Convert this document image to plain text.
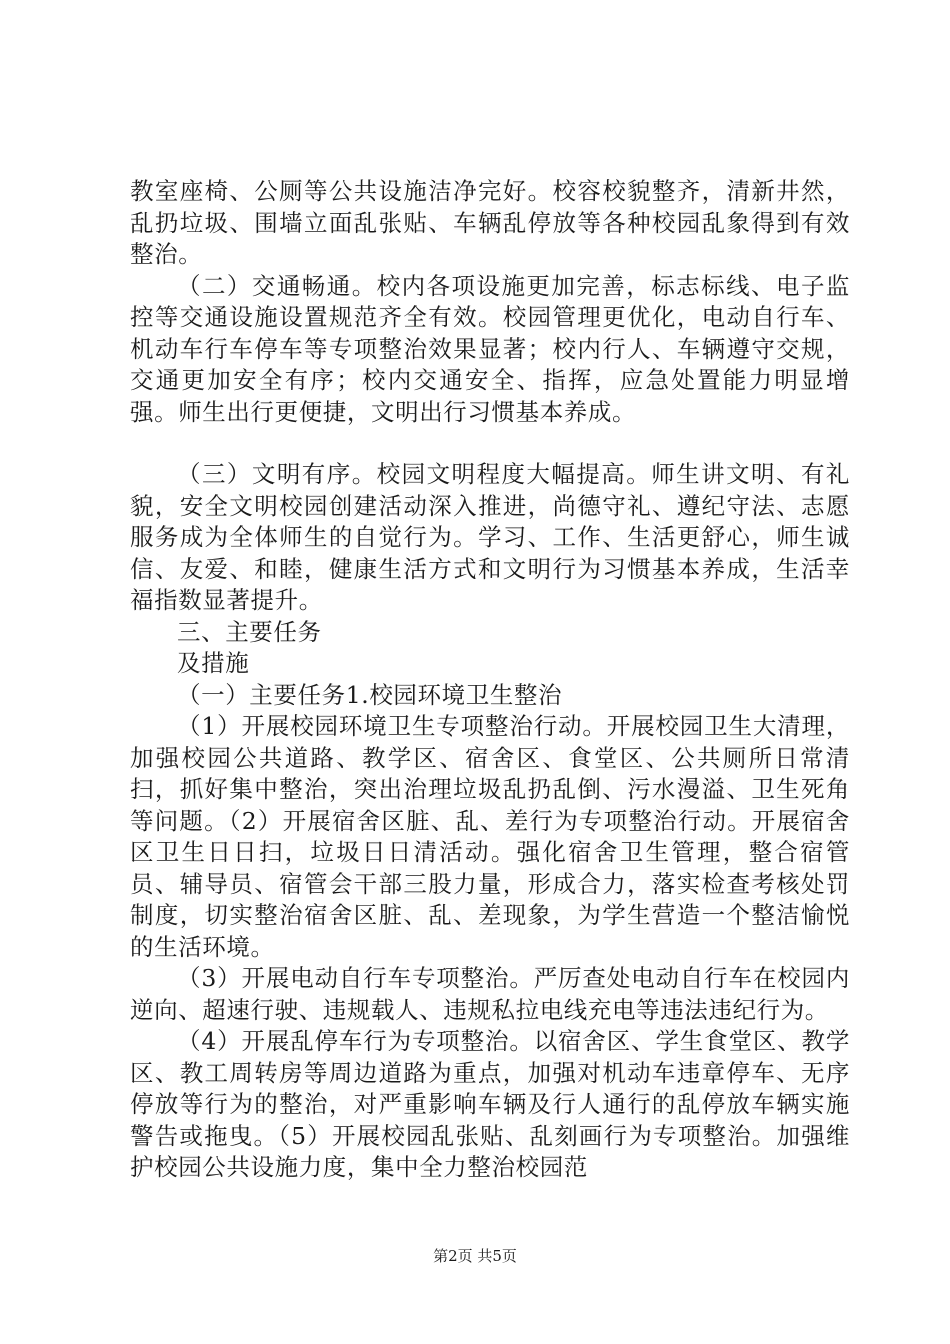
教室座椅、公厕等公共设施洁净完好。校容校貌整齐，清新井然，乱扔垃圾、围墙立面乱张贴、车辆乱停放等各种校园乱象得到有效整治。

（二）交通畅通。校内各项设施更加完善，标志标线、电子监控等交通设施设置规范齐全有效。校园管理更优化，电动自行车、机动车行车停车等专项整治效果显著；校内行人、车辆遵守交规，交通更加安全有序；校内交通安全、指挥，应急处置能力明显增强。师生出行更便捷，文明出行习惯基本养成。

（三）文明有序。校园文明程度大幅提高。师生讲文明、有礼貌，安全文明校园创建活动深入推进，尚德守礼、遵纪守法、志愿服务成为全体师生的自觉行为。学习、工作、生活更舒心，师生诚信、友爱、和睦，健康生活方式和文明行为习惯基本养成，生活幸福指数显著提升。

三、主要任务

及措施

（一）主要任务1.校园环境卫生整治

（1）开展校园环境卫生专项整治行动。开展校园卫生大清理，加强校园公共道路、教学区、宿舍区、食堂区、公共厕所日常清扫，抓好集中整治，突出治理垃圾乱扔乱倒、污水漫溢、卫生死角等问题。（2）开展宿舍区脏、乱、差行为专项整治行动。开展宿舍区卫生日日扫，垃圾日日清活动。强化宿舍卫生管理，整合宿管员、辅导员、宿管会干部三股力量，形成合力，落实检查考核处罚制度，切实整治宿舍区脏、乱、差现象，为学生营造一个整洁愉悦的生活环境。

（3）开展电动自行车专项整治。严厉查处电动自行车在校园内逆向、超速行驶、违规载人、违规私拉电线充电等违法违纪行为。

（4）开展乱停车行为专项整治。以宿舍区、学生食堂区、教学区、教工周转房等周边道路为重点，加强对机动车违章停车、无序停放等行为的整治，对严重影响车辆及行人通行的乱停放车辆实施警告或拖曳。（5）开展校园乱张贴、乱刻画行为专项整治。加强维护校园公共设施力度，集中全力整治校园范

第2页 共5页
